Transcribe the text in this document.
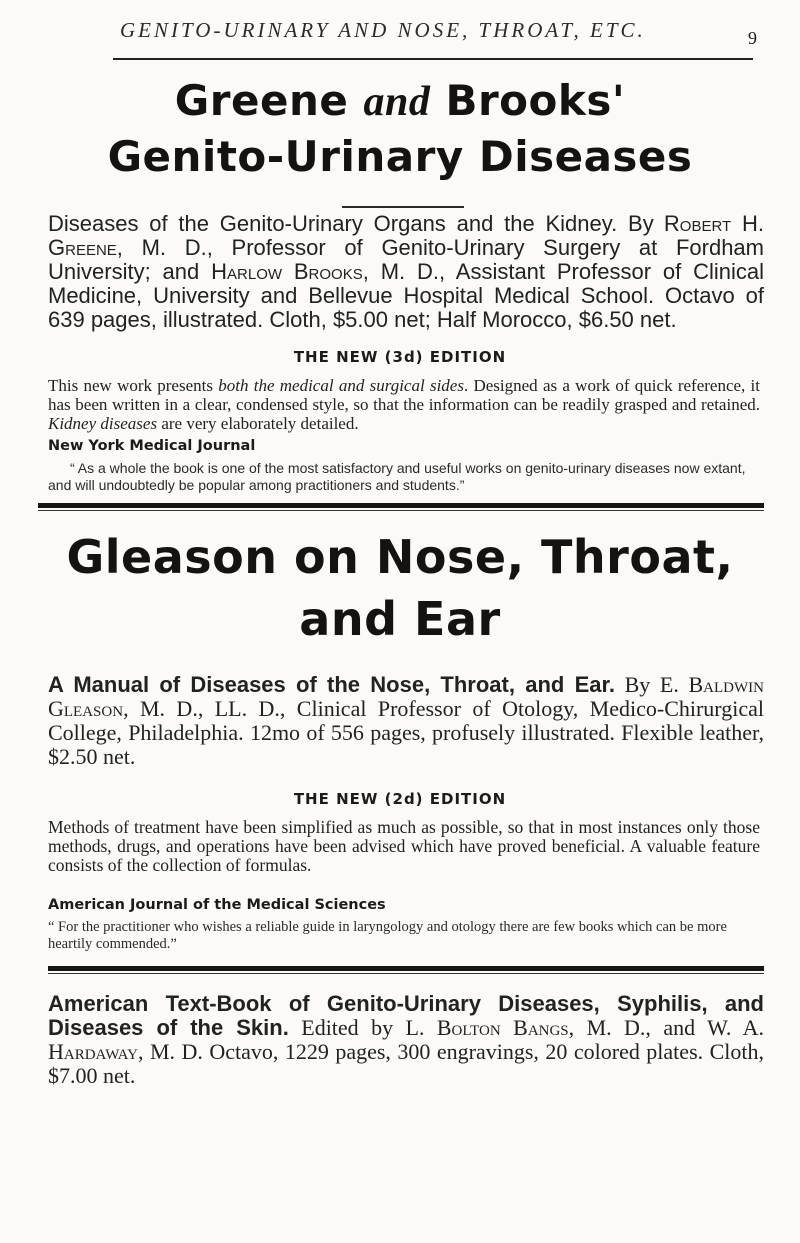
GENITO-URINARY AND NOSE, THROAT, ETC.	9
Greene and Brooks'
Genito-Urinary Diseases
Diseases of the Genito-Urinary Organs and the Kidney. By Robert H. Greene, M. D., Professor of Genito-Urinary Surgery at Fordham University; and Harlow Brooks, M. D., Assistant Professor of Clinical Medicine, University and Bellevue Hospital Medical School. Octavo of 639 pages, illustrated. Cloth, $5.00 net; Half Morocco, $6.50 net.
THE NEW (3d) EDITION
This new work presents both the medical and surgical sides. Designed as a work of quick reference, it has been written in a clear, condensed style, so that the information can be readily grasped and retained. Kidney diseases are very elaborately detailed.
New York Medical Journal
“ As a whole the book is one of the most satisfactory and useful works on genito-urinary diseases now extant, and will undoubtedly be popular among practitioners and students.”
Gleason on Nose, Throat,
and Ear
A Manual of Diseases of the Nose, Throat, and Ear. By E. Baldwin Gleason, M. D., LL. D., Clinical Professor of Otology, Medico-Chirurgical College, Philadelphia. 12mo of 556 pages, profusely illustrated. Flexible leather, $2.50 net.
THE NEW (2d) EDITION
Methods of treatment have been simplified as much as possible, so that in most instances only those methods, drugs, and operations have been advised which have proved beneficial. A valuable feature consists of the collection of formulas.
American Journal of the Medical Sciences
“ For the practitioner who wishes a reliable guide in laryngology and otology there are few books which can be more heartily commended.”
American Text-Book of Genito-Urinary Diseases, Syphilis, and Diseases of the Skin. Edited by L. Bolton Bangs, M. D., and W. A. Hardaway, M. D. Octavo, 1229 pages, 300 engravings, 20 colored plates. Cloth, $7.00 net.
